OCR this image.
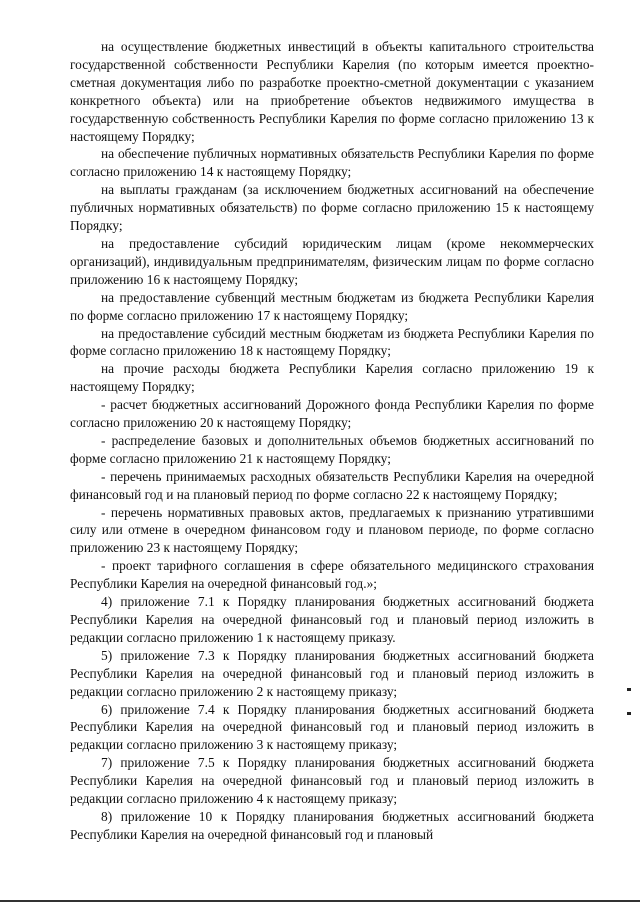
на осуществление бюджетных инвестиций в объекты капитального строительства государственной собственности Республики Карелия (по которым имеется проектно-сметная документация либо по разработке проектно-сметной документации с указанием конкретного объекта) или на приобретение объектов недвижимого имущества в государственную собственность Республики Карелия по форме согласно приложению 13 к настоящему Порядку;

на обеспечение публичных нормативных обязательств Республики Карелия по форме согласно приложению 14 к настоящему Порядку;

на выплаты гражданам (за исключением бюджетных ассигнований на обеспечение публичных нормативных обязательств) по форме согласно приложению 15 к настоящему Порядку;

на предоставление субсидий юридическим лицам (кроме некоммерческих организаций), индивидуальным предпринимателям, физическим лицам по форме согласно приложению 16 к настоящему Порядку;

на предоставление субвенций местным бюджетам из бюджета Республики Карелия по форме согласно приложению 17 к настоящему Порядку;

на предоставление субсидий местным бюджетам из бюджета Республики Карелия по форме согласно приложению 18 к настоящему Порядку;

на прочие расходы бюджета Республики Карелия согласно приложению 19 к настоящему Порядку;

- расчет бюджетных ассигнований Дорожного фонда Республики Карелия по форме согласно приложению 20 к настоящему Порядку;

- распределение базовых и дополнительных объемов бюджетных ассигнований по форме согласно приложению 21 к настоящему Порядку;

- перечень принимаемых расходных обязательств Республики Карелия на очередной финансовый год и на плановый период по форме согласно 22 к настоящему Порядку;

- перечень нормативных правовых актов, предлагаемых к признанию утратившими силу или отмене в очередном финансовом году и плановом периоде, по форме согласно приложению 23 к настоящему Порядку;

- проект тарифного соглашения в сфере обязательного медицинского страхования Республики Карелия на очередной финансовый год.»;

4) приложение 7.1 к Порядку планирования бюджетных ассигнований бюджета Республики Карелия на очередной финансовый год и плановый период изложить в редакции согласно приложению 1 к настоящему приказу.

5) приложение 7.3 к Порядку планирования бюджетных ассигнований бюджета Республики Карелия на очередной финансовый год и плановый период изложить в редакции согласно приложению 2 к настоящему приказу;

6) приложение 7.4 к Порядку планирования бюджетных ассигнований бюджета Республики Карелия на очередной финансовый год и плановый период изложить в редакции согласно приложению 3 к настоящему приказу;

7) приложение 7.5 к Порядку планирования бюджетных ассигнований бюджета Республики Карелия на очередной финансовый год и плановый период изложить в редакции согласно приложению 4 к настоящему приказу;

8) приложение 10 к Порядку планирования бюджетных ассигнований бюджета Республики Карелия на очередной финансовый год и плановый
